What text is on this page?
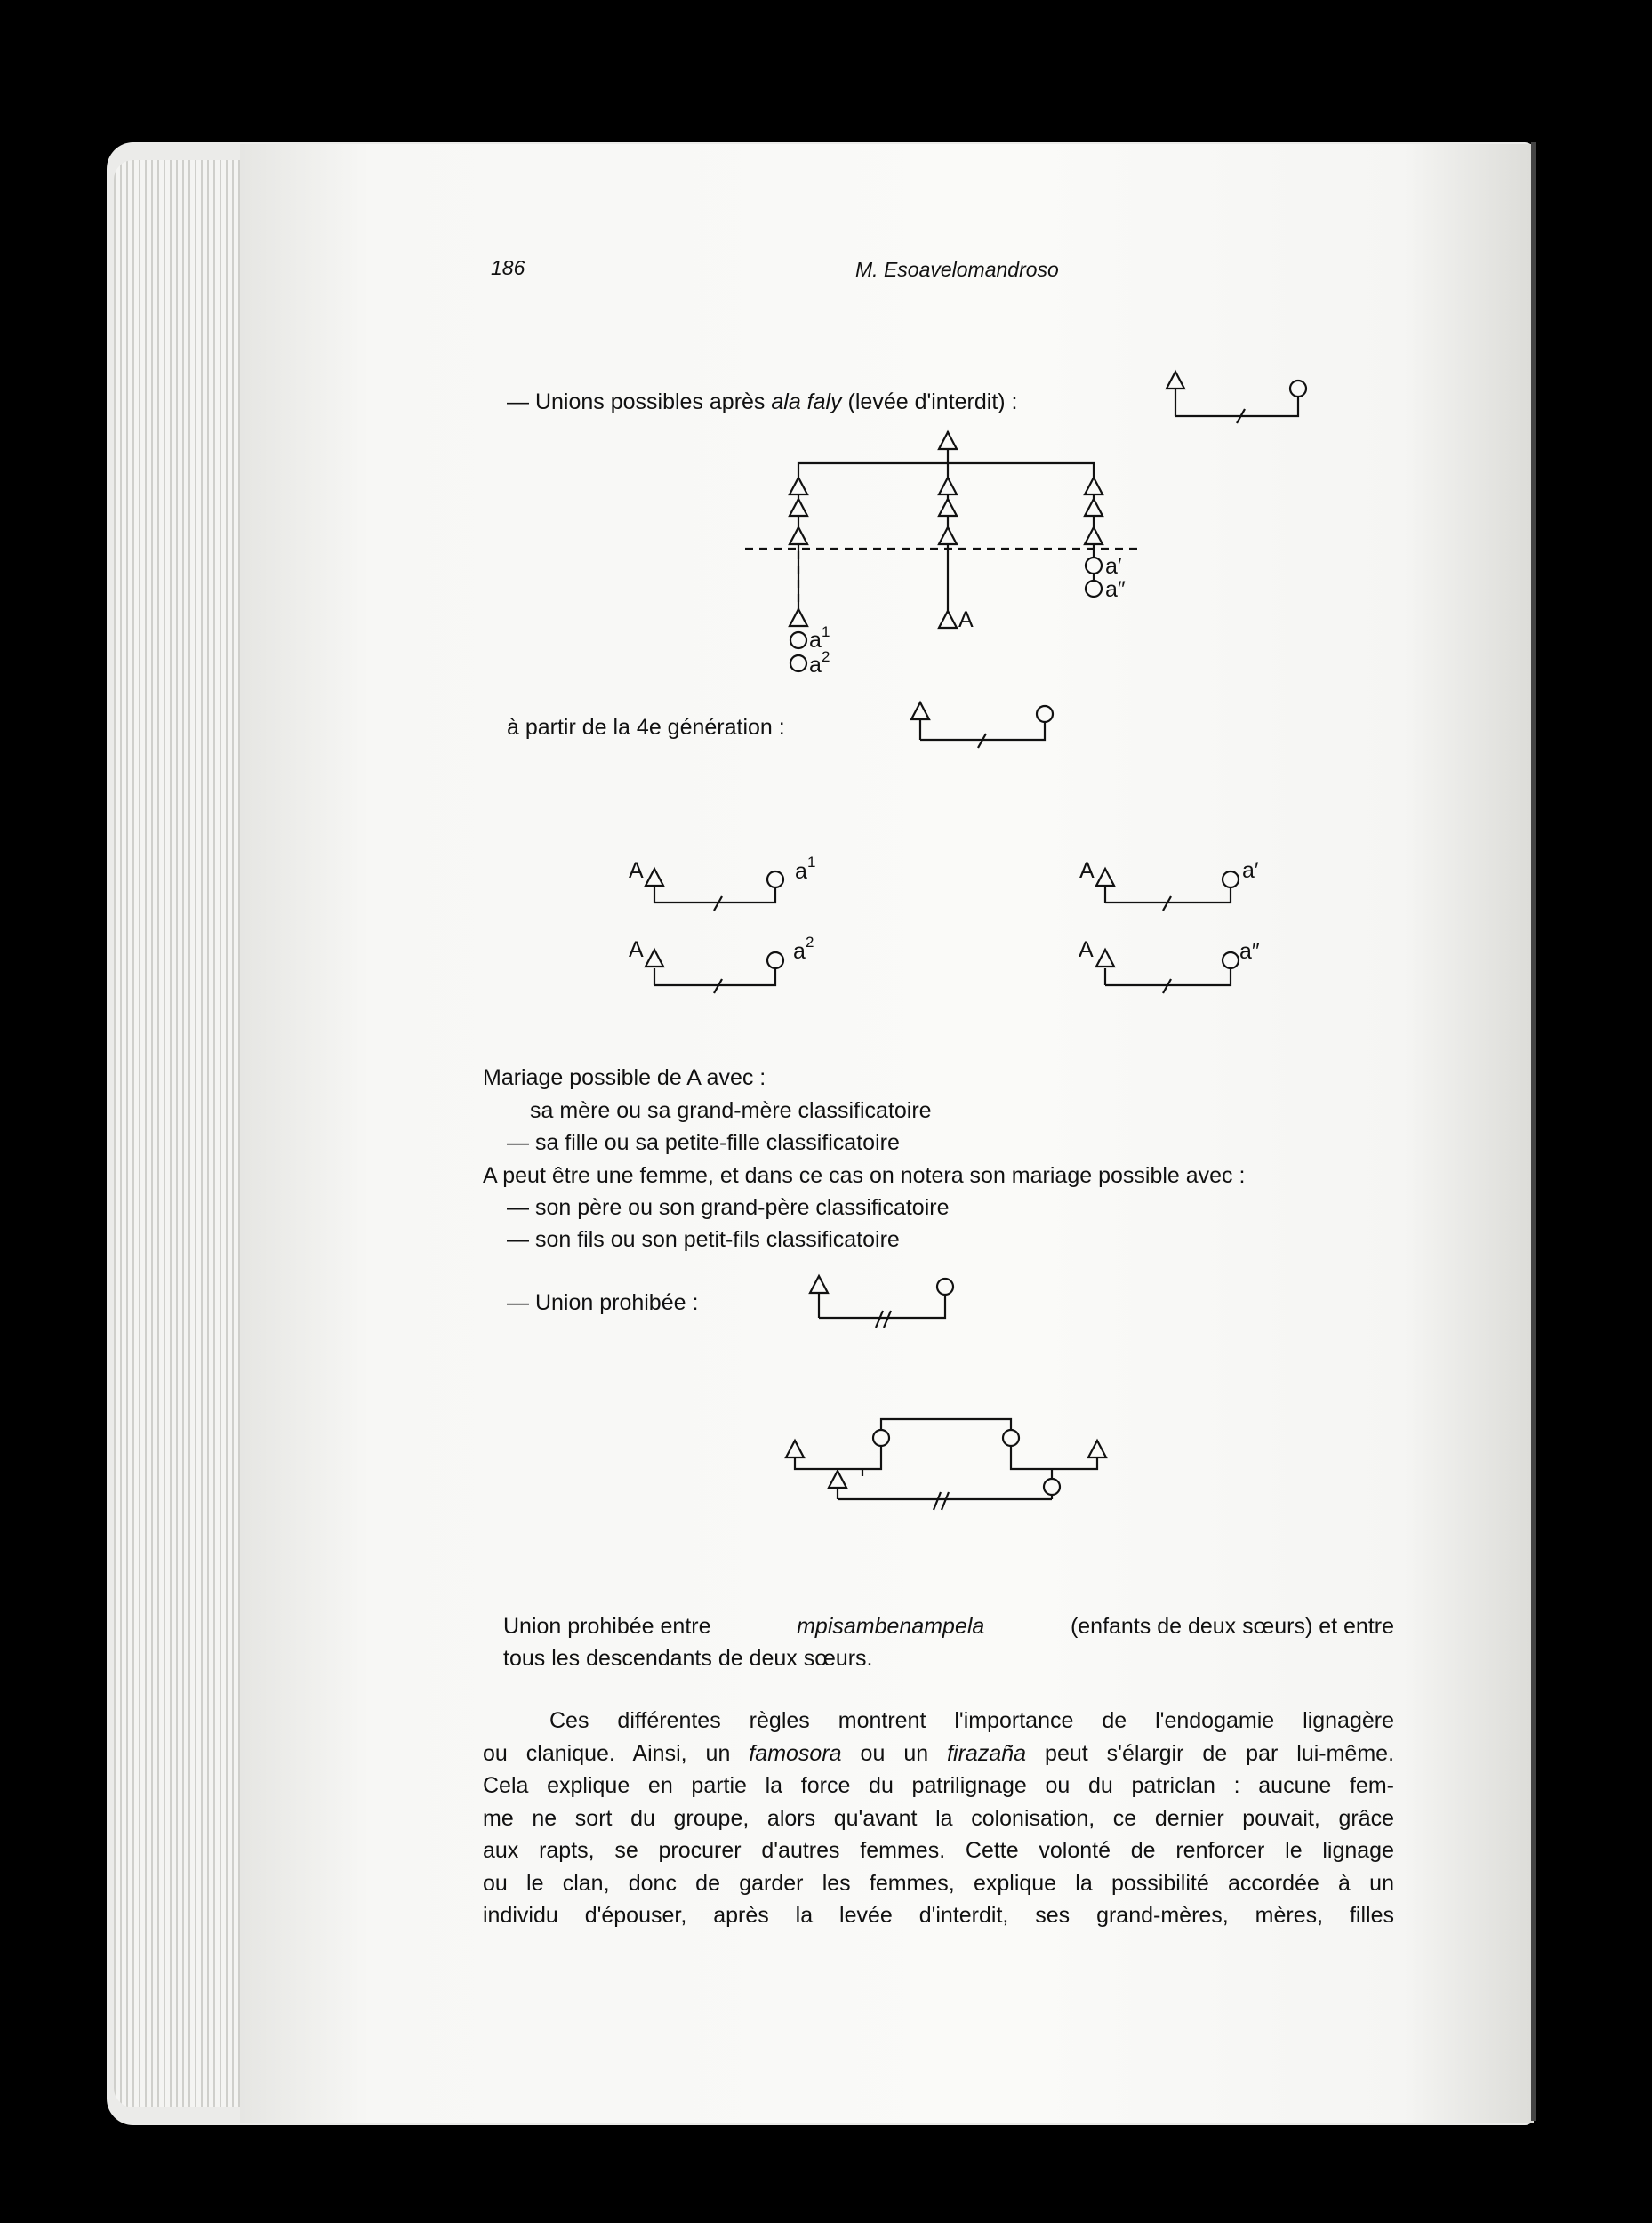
186	M. Esoavelomandroso
— Unions possibles après ala faly (levée d'interdit) :
à partir de la 4e génération :
Mariage possible de A avec :
sa mère ou sa grand-mère classificatoire
— sa fille ou sa petite-fille classificatoire
A peut être une femme, et dans ce cas on notera son mariage possible avec :
— son père ou son grand-père classificatoire
— son fils ou son petit-fils classificatoire
— Union prohibée :
Union prohibée entre	mpisambenampela	(enfants de deux sœurs) et entre
tous les descendants de deux sœurs.
Ces différentes règles montrent l'importance de l'endogamie lignagère
ou clanique. Ainsi, un famosora ou un firazaña peut s'élargir de par lui-même.
Cela explique en partie la force du patrilignage ou du patriclan : aucune fem-
me ne sort du groupe, alors qu'avant la colonisation, ce dernier pouvait, grâce
aux rapts, se procurer d'autres femmes. Cette volonté de renforcer le lignage
ou le clan, donc de garder les femmes, explique la possibilité accordée à un
individu d'épouser, après la levée d'interdit, ses grand-mères, mères, filles
a′
a″
A
a 1
a 2
A	a 1
A	a 2
A	a′
A	a″
